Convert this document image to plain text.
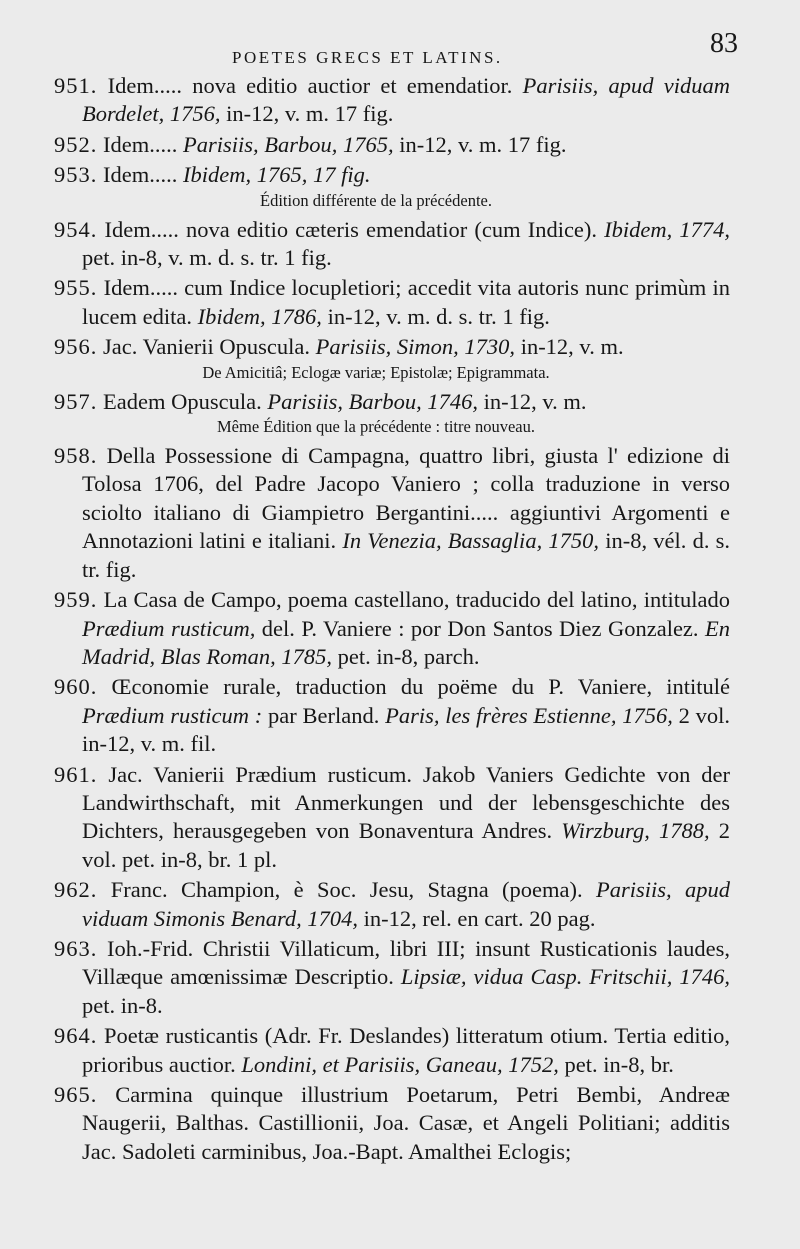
POETES GRECS ET LATINS.	83

951. Idem..... nova editio auctior et emendatior. Parisiis, apud viduam Bordelet, 1756, in-12, v. m. 17 fig.

952. Idem..... Parisiis, Barbou, 1765, in-12, v. m. 17 fig.

953. Idem..... Ibidem, 1765, 17 fig.

Édition différente de la précédente.

954. Idem..... nova editio cæteris emendatior (cum Indice). Ibidem, 1774, pet. in-8, v. m. d. s. tr. 1 fig.

955. Idem..... cum Indice locupletiori; accedit vita autoris nunc primùm in lucem edita. Ibidem, 1786, in-12, v. m. d. s. tr. 1 fig.

956. Jac. Vanierii Opuscula. Parisiis, Simon, 1730, in-12, v. m.

De Amicitiâ; Eclogæ variæ; Epistolæ; Epigrammata.

957. Eadem Opuscula. Parisiis, Barbou, 1746, in-12, v. m.

Même Édition que la précédente : titre nouveau.

958. Della Possessione di Campagna, quattro libri, giusta l' edizione di Tolosa 1706, del Padre Jacopo Vaniero ; colla traduzione in verso sciolto italiano di Giampietro Bergantini..... aggiuntivi Argomenti e Annotazioni latini e italiani. In Venezia, Bassaglia, 1750, in-8, vél. d. s. tr. fig.

959. La Casa de Campo, poema castellano, traducido del latino, intitulado Prædium rusticum, del. P. Vaniere : por Don Santos Diez Gonzalez. En Madrid, Blas Roman, 1785, pet. in-8, parch.

960. Œconomie rurale, traduction du poëme du P. Vaniere, intitulé Prædium rusticum : par Berland. Paris, les frères Estienne, 1756, 2 vol. in-12, v. m. fil.

961. Jac. Vanierii Prædium rusticum. Jakob Vaniers Gedichte von der Landwirthschaft, mit Anmerkungen und der lebensgeschichte des Dichters, herausgegeben von Bonaventura Andres. Wirzburg, 1788, 2 vol. pet. in-8, br. 1 pl.

962. Franc. Champion, è Soc. Jesu, Stagna (poema). Parisiis, apud viduam Simonis Benard, 1704, in-12, rel. en cart. 20 pag.

963. Ioh.-Frid. Christii Villaticum, libri III; insunt Rusticationis laudes, Villæque amœnissimæ Descriptio. Lipsiæ, vidua Casp. Fritschii, 1746, pet. in-8.

964. Poetæ rusticantis (Adr. Fr. Deslandes) litteratum otium. Tertia editio, prioribus auctior. Londini, et Parisiis, Ganeau, 1752, pet. in-8, br.

965. Carmina quinque illustrium Poetarum, Petri Bembi, Andreæ Naugerii, Balthas. Castillionii, Joa. Casæ, et Angeli Politiani; additis Jac. Sadoleti carminibus, Joa.-Bapt. Amalthei Eclogis;
